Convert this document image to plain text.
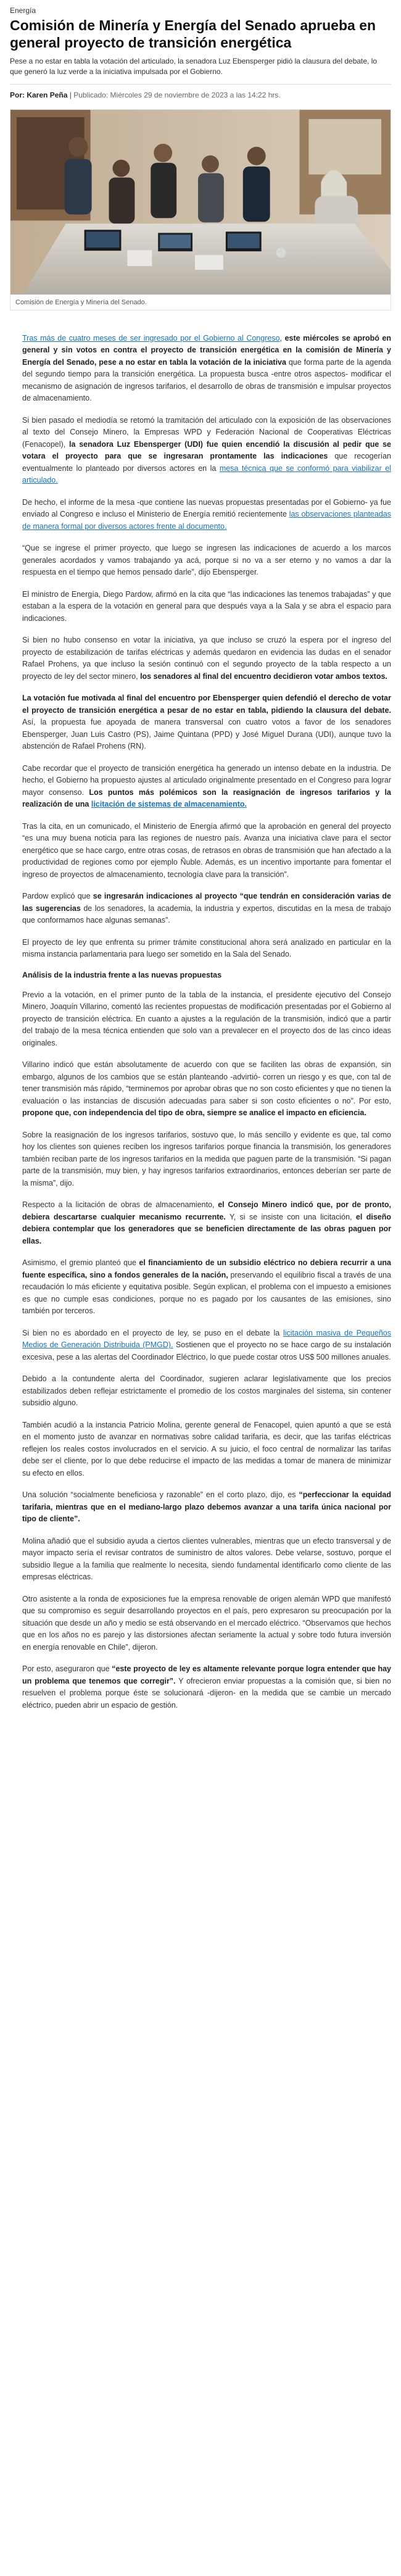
Energía
Comisión de Minería y Energía del Senado aprueba en general proyecto de transición energética

Pese a no estar en tabla la votación del articulado, la senadora Luz Ebensperger pidió la clausura del debate, lo que generó la luz verde a la iniciativa impulsada por el Gobierno.

Por: Karen Peña | Publicado: Miércoles 29 de noviembre de 2023 a las 14:22 hrs.
Comisión de Energía y Minería del Senado.

Tras más de cuatro meses de ser ingresado por el Gobierno al Congreso, este miércoles se aprobó en general y sin votos en contra el proyecto de transición energética en la comisión de Minería y Energía del Senado, pese a no estar en tabla la votación de la iniciativa que forma parte de la agenda del segundo tiempo para la transición energética. La propuesta busca -entre otros aspectos- modificar el mecanismo de asignación de ingresos tarifarios, el desarrollo de obras de transmisión e impulsar proyectos de almacenamiento.

Si bien pasado el mediodía se retomó la tramitación del articulado con la exposición de las observaciones al texto del Consejo Minero, la Empresas WPD y Federación Nacional de Cooperativas Eléctricas (Fenacopel), la senadora Luz Ebensperger (UDI) fue quien encendió la discusión al pedir que se votara el proyecto para que se ingresaran prontamente las indicaciones que recogerían eventualmente lo planteado por diversos actores en la mesa técnica que se conformó para viabilizar el articulado.

De hecho, el informe de la mesa -que contiene las nuevas propuestas presentadas por el Gobierno- ya fue enviado al Congreso e incluso el Ministerio de Energía remitió recientemente las observaciones planteadas de manera formal por diversos actores frente al documento.

“Que se ingrese el primer proyecto, que luego se ingresen las indicaciones de acuerdo a los marcos generales acordados y vamos trabajando ya acá, porque si no va a ser eterno y no vamos a dar la respuesta en el tiempo que hemos pensado darle”, dijo Ebensperger.

El ministro de Energía, Diego Pardow, afirmó en la cita que “las indicaciones las tenemos trabajadas” y que estaban a la espera de la votación en general para que después vaya a la Sala y se abra el espacio para indicaciones.

Si bien no hubo consenso en votar la iniciativa, ya que incluso se cruzó la espera por el ingreso del proyecto de estabilización de tarifas eléctricas y además quedaron en evidencia las dudas en el senador Rafael Prohens, ya que incluso la sesión continuó con el segundo proyecto de la tabla respecto a un proyecto de ley del sector minero, los senadores al final del encuentro decidieron votar ambos textos.

La votación fue motivada al final del encuentro por Ebensperger quien defendió el derecho de votar el proyecto de transición energética a pesar de no estar en tabla, pidiendo la clausura del debate. Así, la propuesta fue apoyada de manera transversal con cuatro votos a favor de los senadores Ebensperger, Juan Luis Castro (PS), Jaime Quintana (PPD) y José Miguel Durana (UDI), aunque tuvo la abstención de Rafael Prohens (RN).

Cabe recordar que el proyecto de transición energética ha generado un intenso debate en la industria. De hecho, el Gobierno ha propuesto ajustes al articulado originalmente presentado en el Congreso para lograr mayor consenso. Los puntos más polémicos son la reasignación de ingresos tarifarios y la realización de una licitación de sistemas de almacenamiento.

Tras la cita, en un comunicado, el Ministerio de Energía afirmó que la aprobación en general del proyecto “es una muy buena noticia para las regiones de nuestro país. Avanza una iniciativa clave para el sector energético que se hace cargo, entre otras cosas, de retrasos en obras de transmisión que han afectado a la productividad de regiones como por ejemplo Ñuble. Además, es un incentivo importante para fomentar el ingreso de proyectos de almacenamiento, tecnología clave para la transición”.

Pardow explicó que se ingresarán indicaciones al proyecto “que tendrán en consideración varias de las sugerencias de los senadores, la academia, la industria y expertos, discutidas en la mesa de trabajo que conformamos hace algunas semanas”.

El proyecto de ley que enfrenta su primer trámite constitucional ahora será analizado en particular en la misma instancia parlamentaria para luego ser sometido en la Sala del Senado.

Análisis de la industria frente a las nuevas propuestas

Previo a la votación, en el primer punto de la tabla de la instancia, el presidente ejecutivo del Consejo Minero, Joaquín Villarino, comentó las recientes propuestas de modificación presentadas por el Gobierno al proyecto de transición eléctrica. En cuanto a ajustes a la regulación de la transmisión, indicó que a partir del trabajo de la mesa técnica entienden que solo van a prevalecer en el proyecto dos de las cinco ideas originales.

Villarino indicó que están absolutamente de acuerdo con que se faciliten las obras de expansión, sin embargo, algunos de los cambios que se están planteando -advirtió- corren un riesgo y es que, con tal de tener transmisión más rápido, “terminemos por aprobar obras que no son costo eficientes y que no tienen la evaluación o las instancias de discusión adecuadas para saber si son costo eficientes o no”. Por esto, propone que, con independencia del tipo de obra, siempre se analice el impacto en eficiencia.

Sobre la reasignación de los ingresos tarifarios, sostuvo que, lo más sencillo y evidente es que, tal como hoy los clientes son quienes reciben los ingresos tarifarios porque financia la transmisión, los generadores también reciban parte de los ingresos tarifarios en la medida que paguen parte de la transmisión. “Si pagan parte de la transmisión, muy bien, y hay ingresos tarifarios extraordinarios, entonces deberían ser parte de la misma”, dijo.

Respecto a la licitación de obras de almacenamiento, el Consejo Minero indicó que, por de pronto, debiera descartarse cualquier mecanismo recurrente. Y, si se insiste con una licitación, el diseño debiera contemplar que los generadores que se beneficien directamente de las obras paguen por ellas.

Asimismo, el gremio planteó que el financiamiento de un subsidio eléctrico no debiera recurrir a una fuente específica, sino a fondos generales de la nación, preservando el equilibrio fiscal a través de una recaudación lo más eficiente y equitativa posible. Según explican, el problema con el impuesto a emisiones es que no cumple esas condiciones, porque no es pagado por los causantes de las emisiones, sino también por terceros.

Si bien no es abordado en el proyecto de ley, se puso en el debate la licitación masiva de Pequeños Medios de Generación Distribuida (PMGD). Sostienen que el proyecto no se hace cargo de su instalación excesiva, pese a las alertas del Coordinador Eléctrico, lo que puede costar otros US$ 500 millones anuales.

Debido a la contundente alerta del Coordinador, sugieren aclarar legislativamente que los precios estabilizados deben reflejar estrictamente el promedio de los costos marginales del sistema, sin contener subsidio alguno.

También acudió a la instancia Patricio Molina, gerente general de Fenacopel, quien apuntó a que se está en el momento justo de avanzar en normativas sobre calidad tarifaria, es decir, que las tarifas eléctricas reflejen los reales costos involucrados en el servicio. A su juicio, el foco central de normalizar las tarifas debe ser el cliente, por lo que debe reducirse el impacto de las medidas a tomar de manera de minimizar su efecto en ellos.

Una solución “socialmente beneficiosa y razonable” en el corto plazo, dijo, es “perfeccionar la equidad tarifaria, mientras que en el mediano-largo plazo debemos avanzar a una tarifa única nacional por tipo de cliente”.

Molina añadió que el subsidio ayuda a ciertos clientes vulnerables, mientras que un efecto transversal y de mayor impacto sería el revisar contratos de suministro de altos valores. Debe velarse, sostuvo, porque el subsidio llegue a la familia que realmente lo necesita, siendo fundamental identificarlo como cliente de las empresas eléctricas.

Otro asistente a la ronda de exposiciones fue la empresa renovable de origen alemán WPD que manifestó que su compromiso es seguir desarrollando proyectos en el país, pero expresaron su preocupación por la situación que desde un año y medio se está observando en el mercado eléctrico. “Observamos que hechos que en los años no es parejo y las distorsiones afectan seriamente la actual y sobre todo futura inversión en energía renovable en Chile”, dijeron.

Por esto, aseguraron que “este proyecto de ley es altamente relevante porque logra entender que hay un problema que tenemos que corregir”. Y ofrecieron enviar propuestas a la comisión que, si bien no resuelven el problema porque éste se solucionará -dijeron- en la medida que se cambie un mercado eléctrico, pueden abrir un espacio de gestión.
